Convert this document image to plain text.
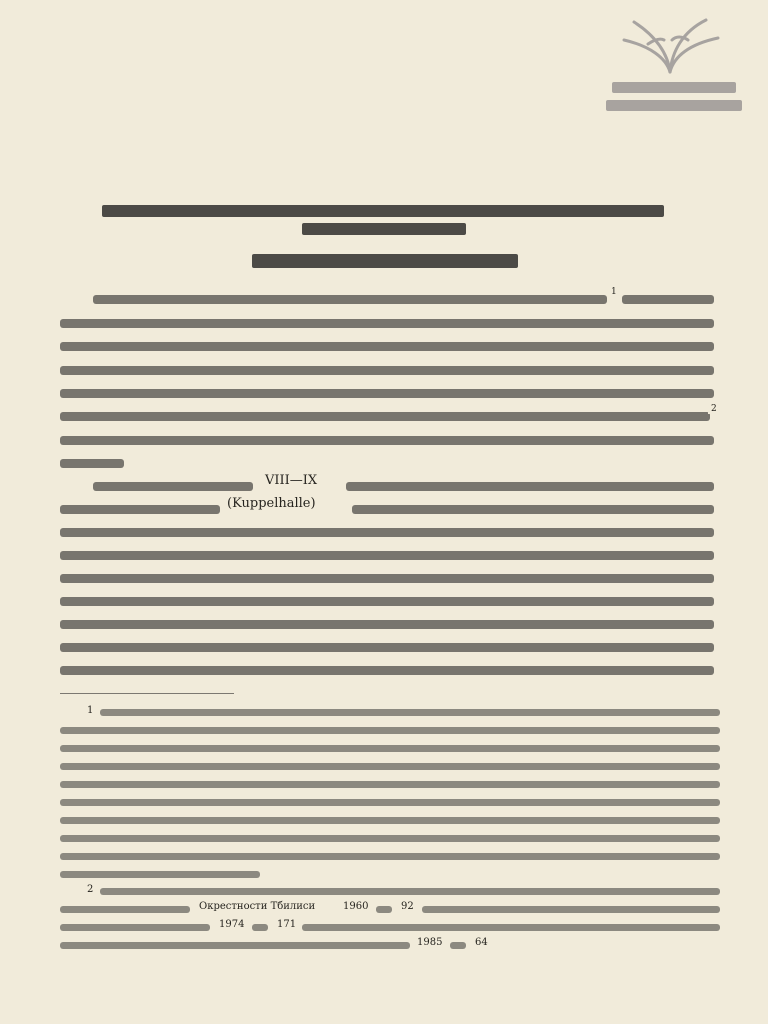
1
2
VIII—IX
(Kuppelhalle)
1
2
Окрестности Тбилиси	1960	92
1974	171
1985	64
